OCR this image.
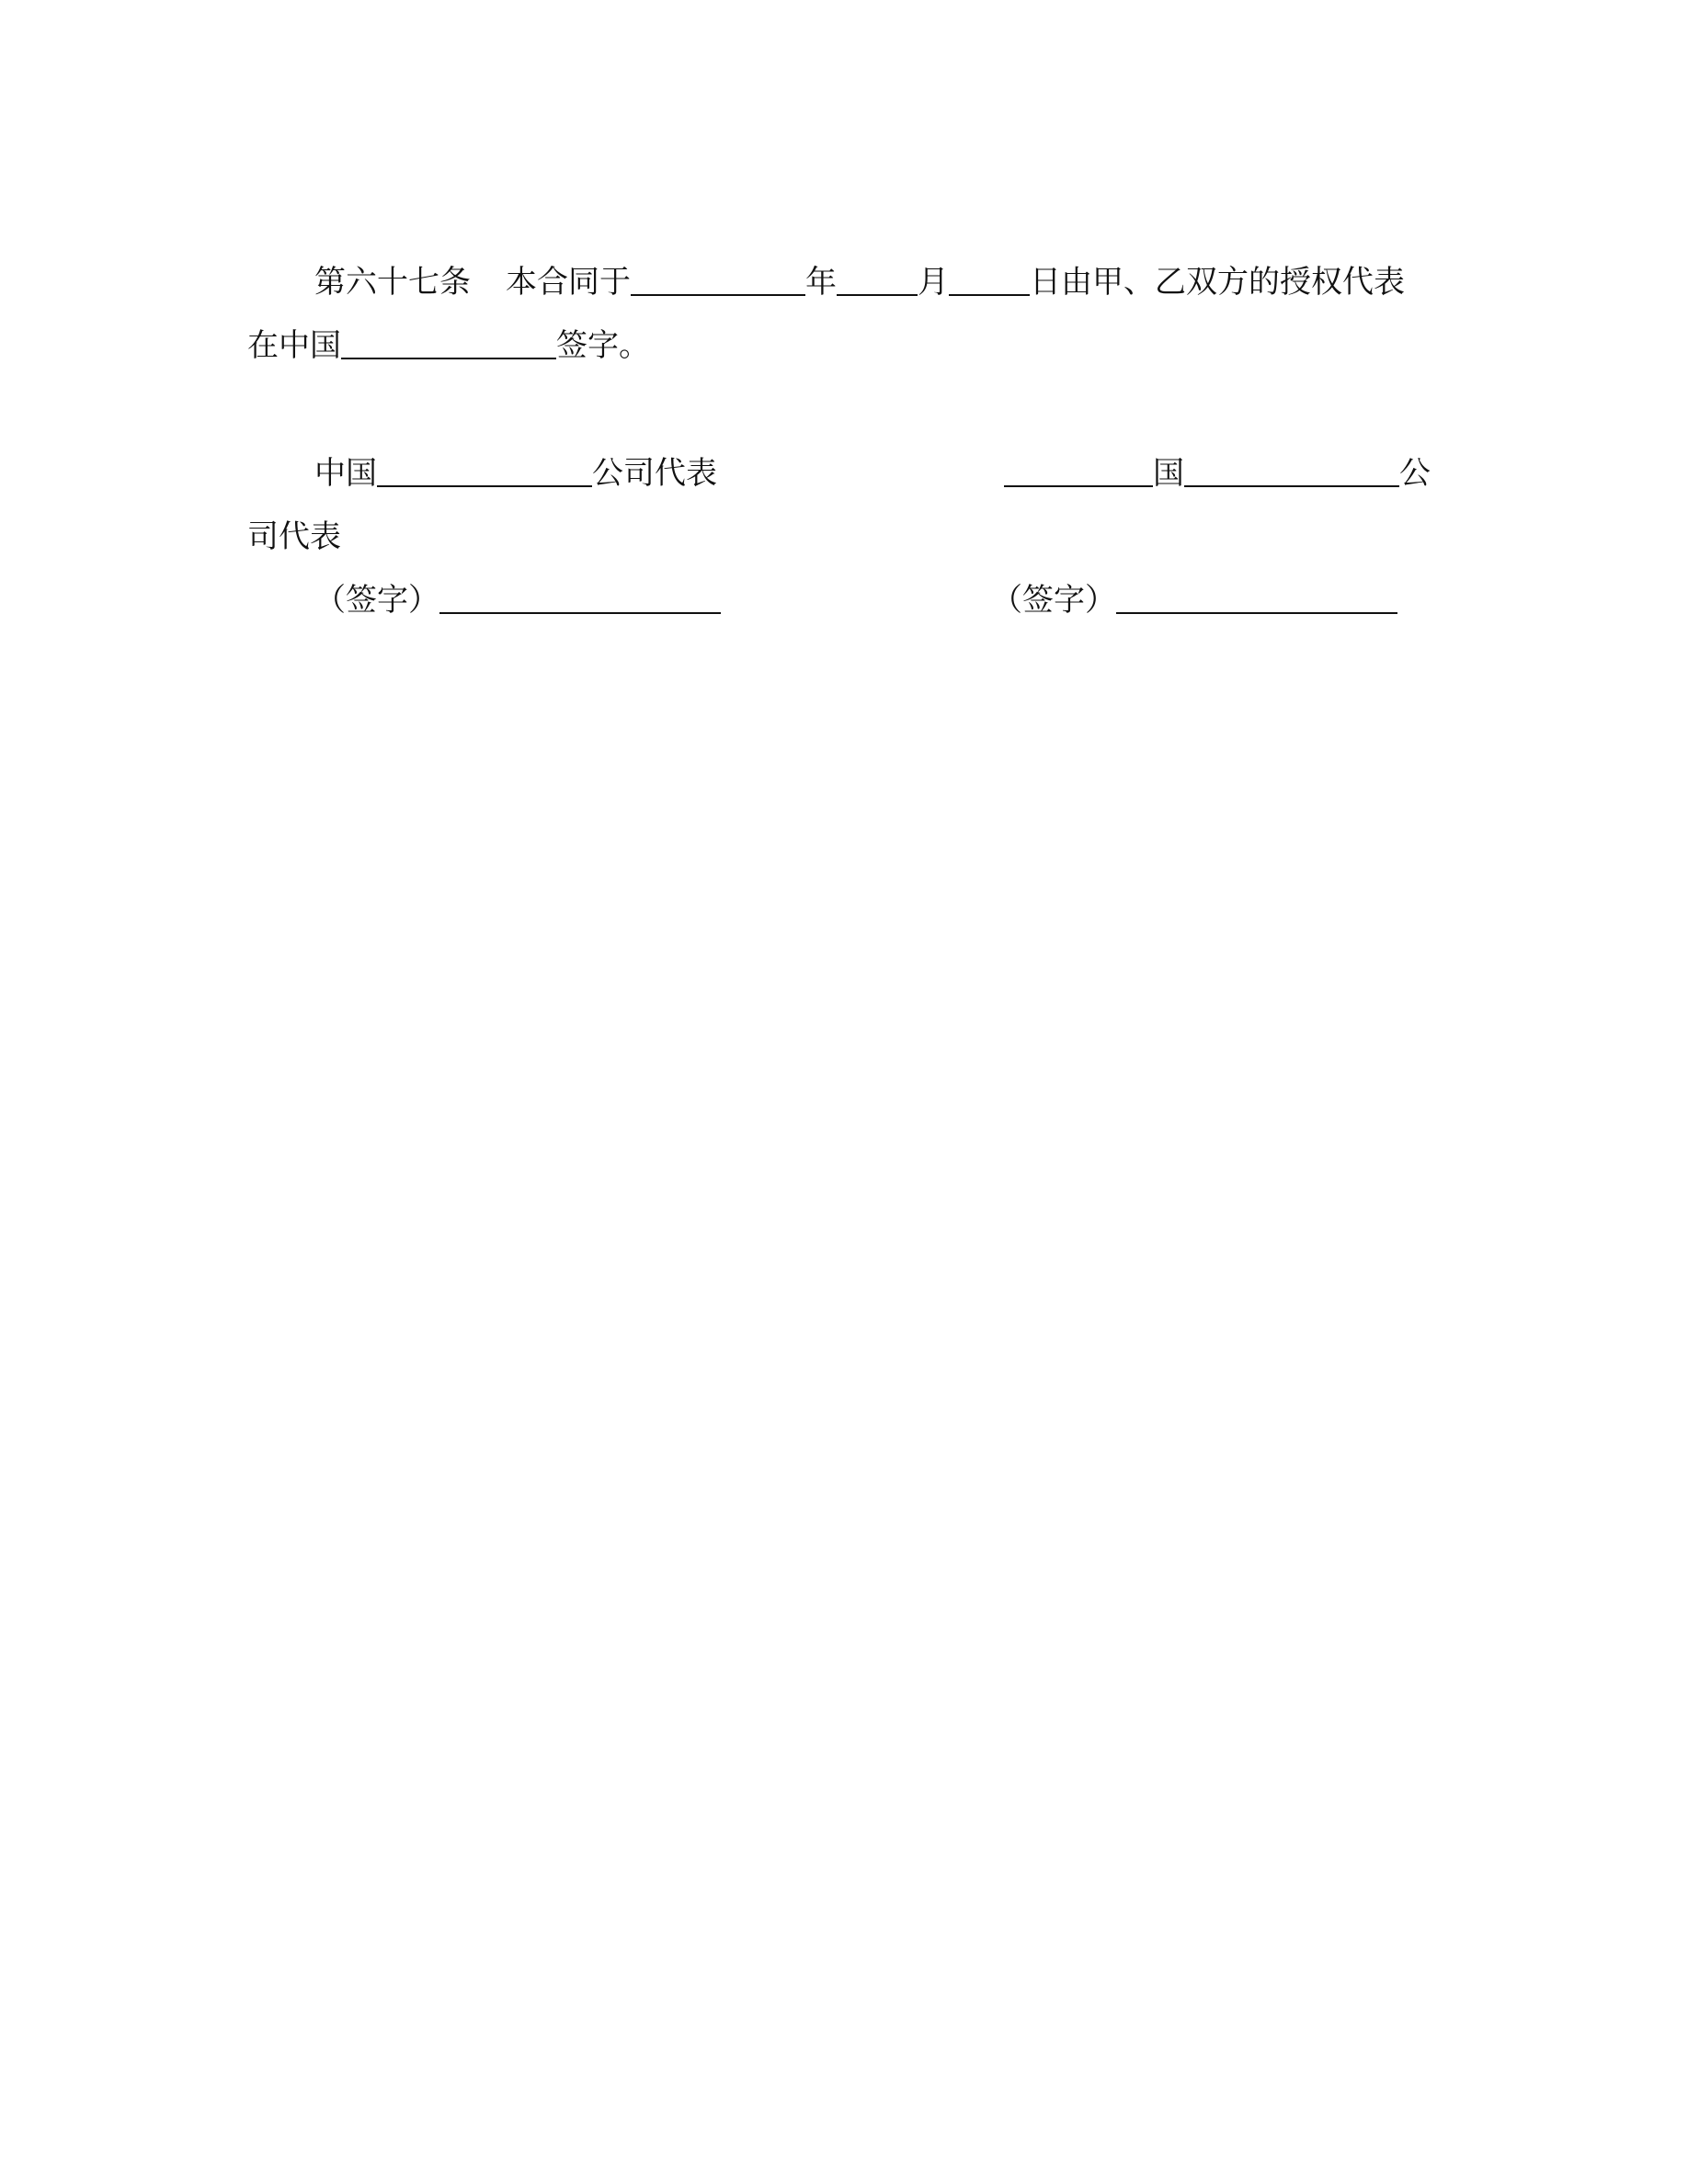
第六十七条 本合同于	年	月	日由甲、乙双方的授权代表
在中国	签字。
中国	公司代表	国	公
司代表
（签字）	（签字）
